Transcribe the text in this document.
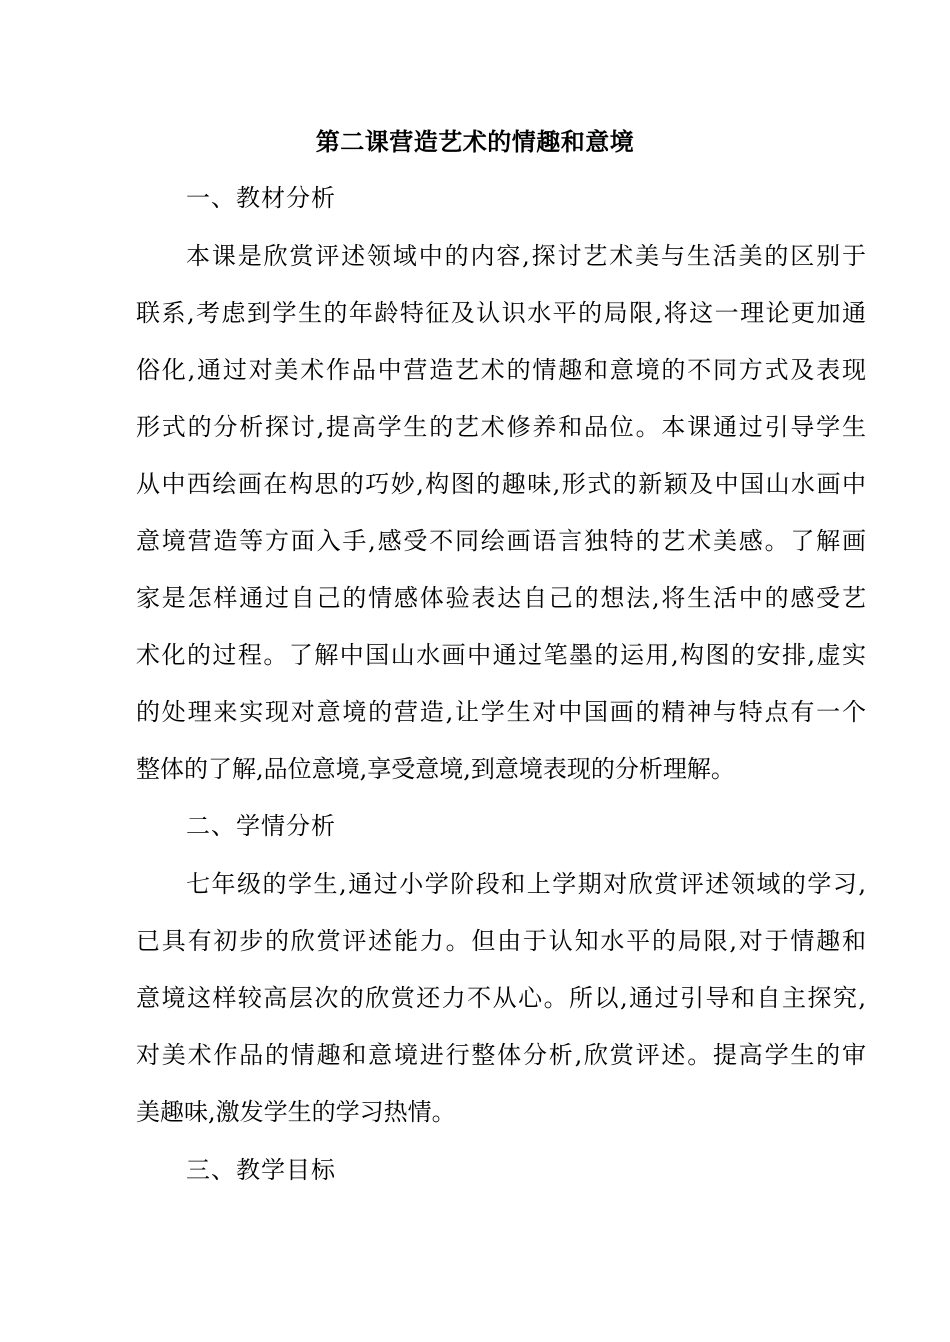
第二课营造艺术的情趣和意境
一、教材分析
本课是欣赏评述领域中的内容,探讨艺术美与生活美的区别于
联系,考虑到学生的年龄特征及认识水平的局限,将这一理论更加通
俗化,通过对美术作品中营造艺术的情趣和意境的不同方式及表现
形式的分析探讨,提高学生的艺术修养和品位。本课通过引导学生
从中西绘画在构思的巧妙,构图的趣味,形式的新颖及中国山水画中
意境营造等方面入手,感受不同绘画语言独特的艺术美感。了解画
家是怎样通过自己的情感体验表达自己的想法,将生活中的感受艺
术化的过程。了解中国山水画中通过笔墨的运用,构图的安排,虚实
的处理来实现对意境的营造,让学生对中国画的精神与特点有一个
整体的了解,品位意境,享受意境,到意境表现的分析理解。
二、学情分析
七年级的学生,通过小学阶段和上学期对欣赏评述领域的学习,
已具有初步的欣赏评述能力。但由于认知水平的局限,对于情趣和
意境这样较高层次的欣赏还力不从心。所以,通过引导和自主探究,
对美术作品的情趣和意境进行整体分析,欣赏评述。提高学生的审
美趣味,激发学生的学习热情。
三、教学目标
